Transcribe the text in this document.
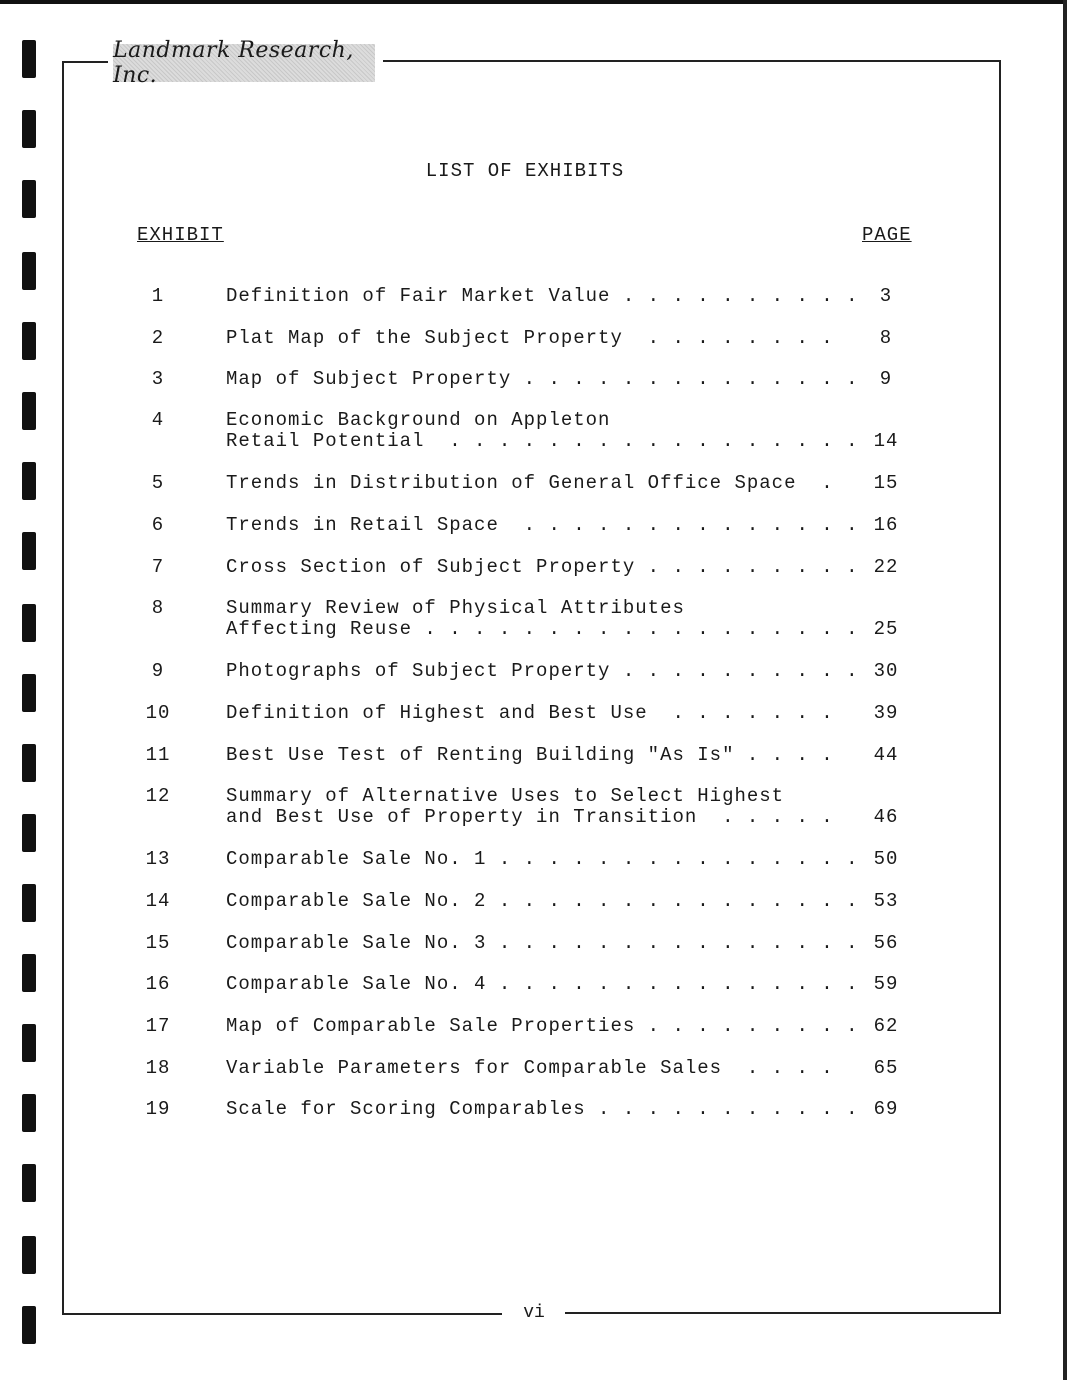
Landmark Research, Inc.
LIST OF EXHIBITS
EXHIBIT	PAGE
1	Definition of Fair Market Value . . . . . . . . . .	3
2	Plat Map of the Subject Property  . . . . . . . .	8
3	Map of Subject Property . . . . . . . . . . . . . .	9
4	Economic Background on Appleton
Retail Potential  . . . . . . . . . . . . . . . . . 14
5	Trends in Distribution of General Office Space  .	15
6	Trends in Retail Space  . . . . . . . . . . . . . . 16
7	Cross Section of Subject Property . . . . . . . . . 22
8	Summary Review of Physical Attributes
Affecting Reuse . . . . . . . . . . . . . . . . . . 25
9	Photographs of Subject Property . . . . . . . . . . 30
10	Definition of Highest and Best Use  . . . . . . .	39
11	Best Use Test of Renting Building "As Is" . . . .	44
12	Summary of Alternative Uses to Select Highest
and Best Use of Property in Transition  . . . . .	46
13	Comparable Sale No. 1 . . . . . . . . . . . . . . . 50
14	Comparable Sale No. 2 . . . . . . . . . . . . . . . 53
15	Comparable Sale No. 3 . . . . . . . . . . . . . . . 56
16	Comparable Sale No. 4 . . . . . . . . . . . . . . . 59
17	Map of Comparable Sale Properties . . . . . . . . . 62
18	Variable Parameters for Comparable Sales  . . . .	65
19	Scale for Scoring Comparables . . . . . . . . . . . 69
vi
